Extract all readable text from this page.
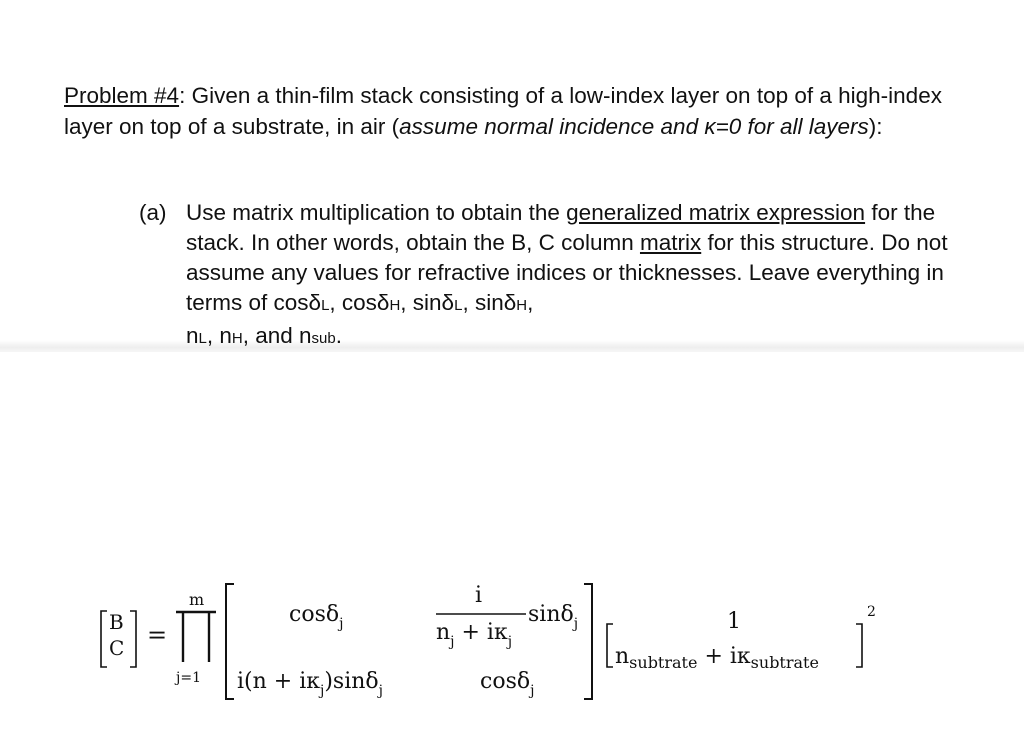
Problem #4: Given a thin-film stack consisting of a low-index layer on top of a high-index layer on top of a substrate, in air (assume normal incidence and κ=0 for all layers):
(a) Use matrix multiplication to obtain the generalized matrix expression for the stack. In other words, obtain the B, C column matrix for this structure. Do not assume any values for refractive indices or thicknesses. Leave everything in terms of cosδL, cosδH, sinδL, sinδH,
nL, nH, and nsub.
B
C =
m
j=1
cosδ$_j$
i
$n_j + i\kappa_j$
sinδ$_j$
$i(n + i\kappa_j)\sin\delta_j$	cosδ$_j$
1
$n_{subtrate} + i\kappa_{subtrate}$
2
